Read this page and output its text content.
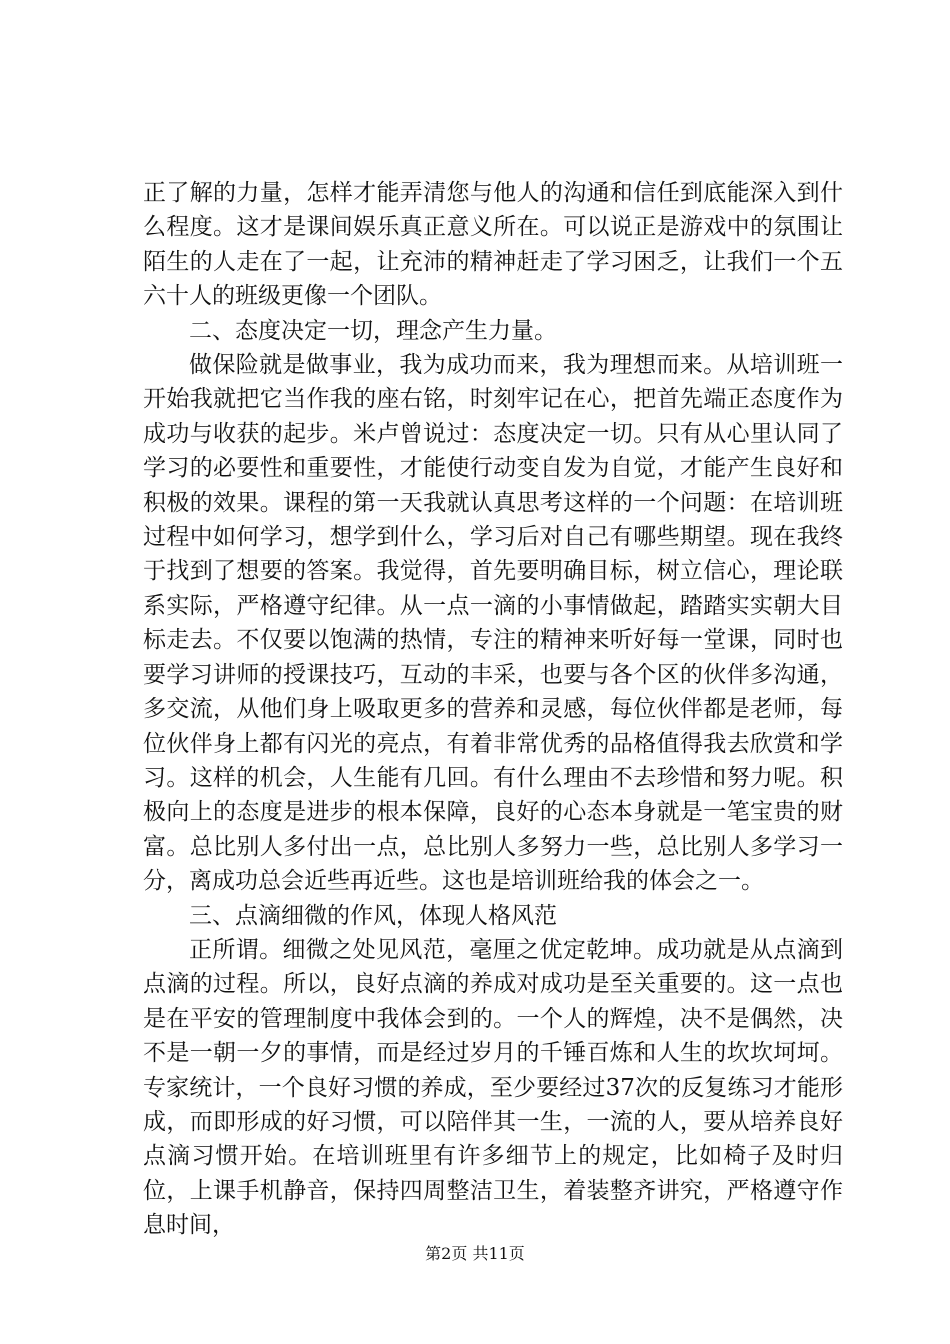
正了解的力量，怎样才能弄清您与他人的沟通和信任到底能深入到什么程度。这才是课间娱乐真正意义所在。可以说正是游戏中的氛围让陌生的人走在了一起，让充沛的精神赶走了学习困乏，让我们一个五六十人的班级更像一个团队。

二、态度决定一切，理念产生力量。

做保险就是做事业，我为成功而来，我为理想而来。从培训班一开始我就把它当作我的座右铭，时刻牢记在心，把首先端正态度作为成功与收获的起步。米卢曾说过：态度决定一切。只有从心里认同了学习的必要性和重要性，才能使行动变自发为自觉，才能产生良好和积极的效果。课程的第一天我就认真思考这样的一个问题：在培训班过程中如何学习，想学到什么，学习后对自己有哪些期望。现在我终于找到了想要的答案。我觉得，首先要明确目标，树立信心，理论联系实际，严格遵守纪律。从一点一滴的小事情做起，踏踏实实朝大目标走去。不仅要以饱满的热情，专注的精神来听好每一堂课，同时也要学习讲师的授课技巧，互动的丰采，也要与各个区的伙伴多沟通，多交流，从他们身上吸取更多的营养和灵感，每位伙伴都是老师，每位伙伴身上都有闪光的亮点，有着非常优秀的品格值得我去欣赏和学习。这样的机会，人生能有几回。有什么理由不去珍惜和努力呢。积极向上的态度是进步的根本保障，良好的心态本身就是一笔宝贵的财富。总比别人多付出一点，总比别人多努力一些，总比别人多学习一分，离成功总会近些再近些。这也是培训班给我的体会之一。

三、点滴细微的作风，体现人格风范

正所谓。细微之处见风范，毫厘之优定乾坤。成功就是从点滴到点滴的过程。所以，良好点滴的养成对成功是至关重要的。这一点也是在平安的管理制度中我体会到的。一个人的辉煌，决不是偶然，决不是一朝一夕的事情，而是经过岁月的千锤百炼和人生的坎坎坷坷。专家统计，一个良好习惯的养成，至少要经过37次的反复练习才能形成，而即形成的好习惯，可以陪伴其一生，一流的人，要从培养良好点滴习惯开始。在培训班里有许多细节上的规定，比如椅子及时归位，上课手机静音，保持四周整洁卫生，着装整齐讲究，严格遵守作息时间，

第2页 共11页
